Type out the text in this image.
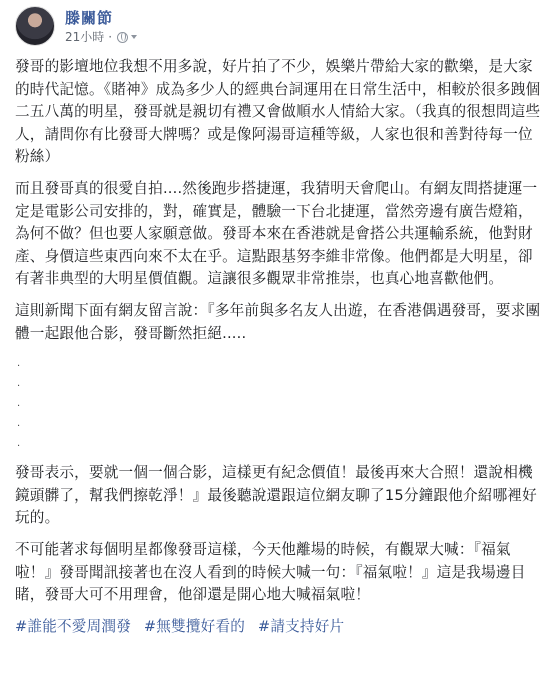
滕關節
21小時 ·

發哥的影壇地位我想不用多說，好片拍了不少，娛樂片帶給大家的歡樂，是大家的時代記憶。《賭神》成為多少人的經典台詞運用在日常生活中，相較於很多跩個二五八萬的明星，發哥就是親切有禮又會做順水人情給大家。（我真的很想問這些人，請問你有比發哥大牌嗎？或是像阿湯哥這種等級，人家也很和善對待每一位粉絲）

而且發哥真的很愛自拍....然後跑步搭捷運，我猜明天會爬山。有網友問搭捷運一定是電影公司安排的，對，確實是，體驗一下台北捷運，當然旁邊有廣告燈箱，為何不做？但也要人家願意做。發哥本來在香港就是會搭公共運輸系統，他對財產、身價這些東西向來不太在乎。這點跟基努李維非常像。他們都是大明星，卻有著非典型的大明星價值觀。這讓很多觀眾非常推崇，也真心地喜歡他們。

這則新聞下面有網友留言說：『多年前與多名友人出遊，在香港偶遇發哥，要求團體一起跟他合影，發哥斷然拒絕.....

.
.
.
.
.

發哥表示，要就一個一個合影，這樣更有紀念價值！最後再來大合照！還說相機鏡頭髒了，幫我們擦乾淨！』最後聽說還跟這位網友聊了15分鐘跟他介紹哪裡好玩的。

不可能著求每個明星都像發哥這樣，今天他離場的時候，有觀眾大喊：『福氣啦！』發哥聞訊接著也在沒人看到的時候大喊一句：『福氣啦！』這是我場邊目睹，發哥大可不用理會，他卻還是開心地大喊福氣啦！

#誰能不愛周潤發 #無雙攬好看的 #請支持好片
